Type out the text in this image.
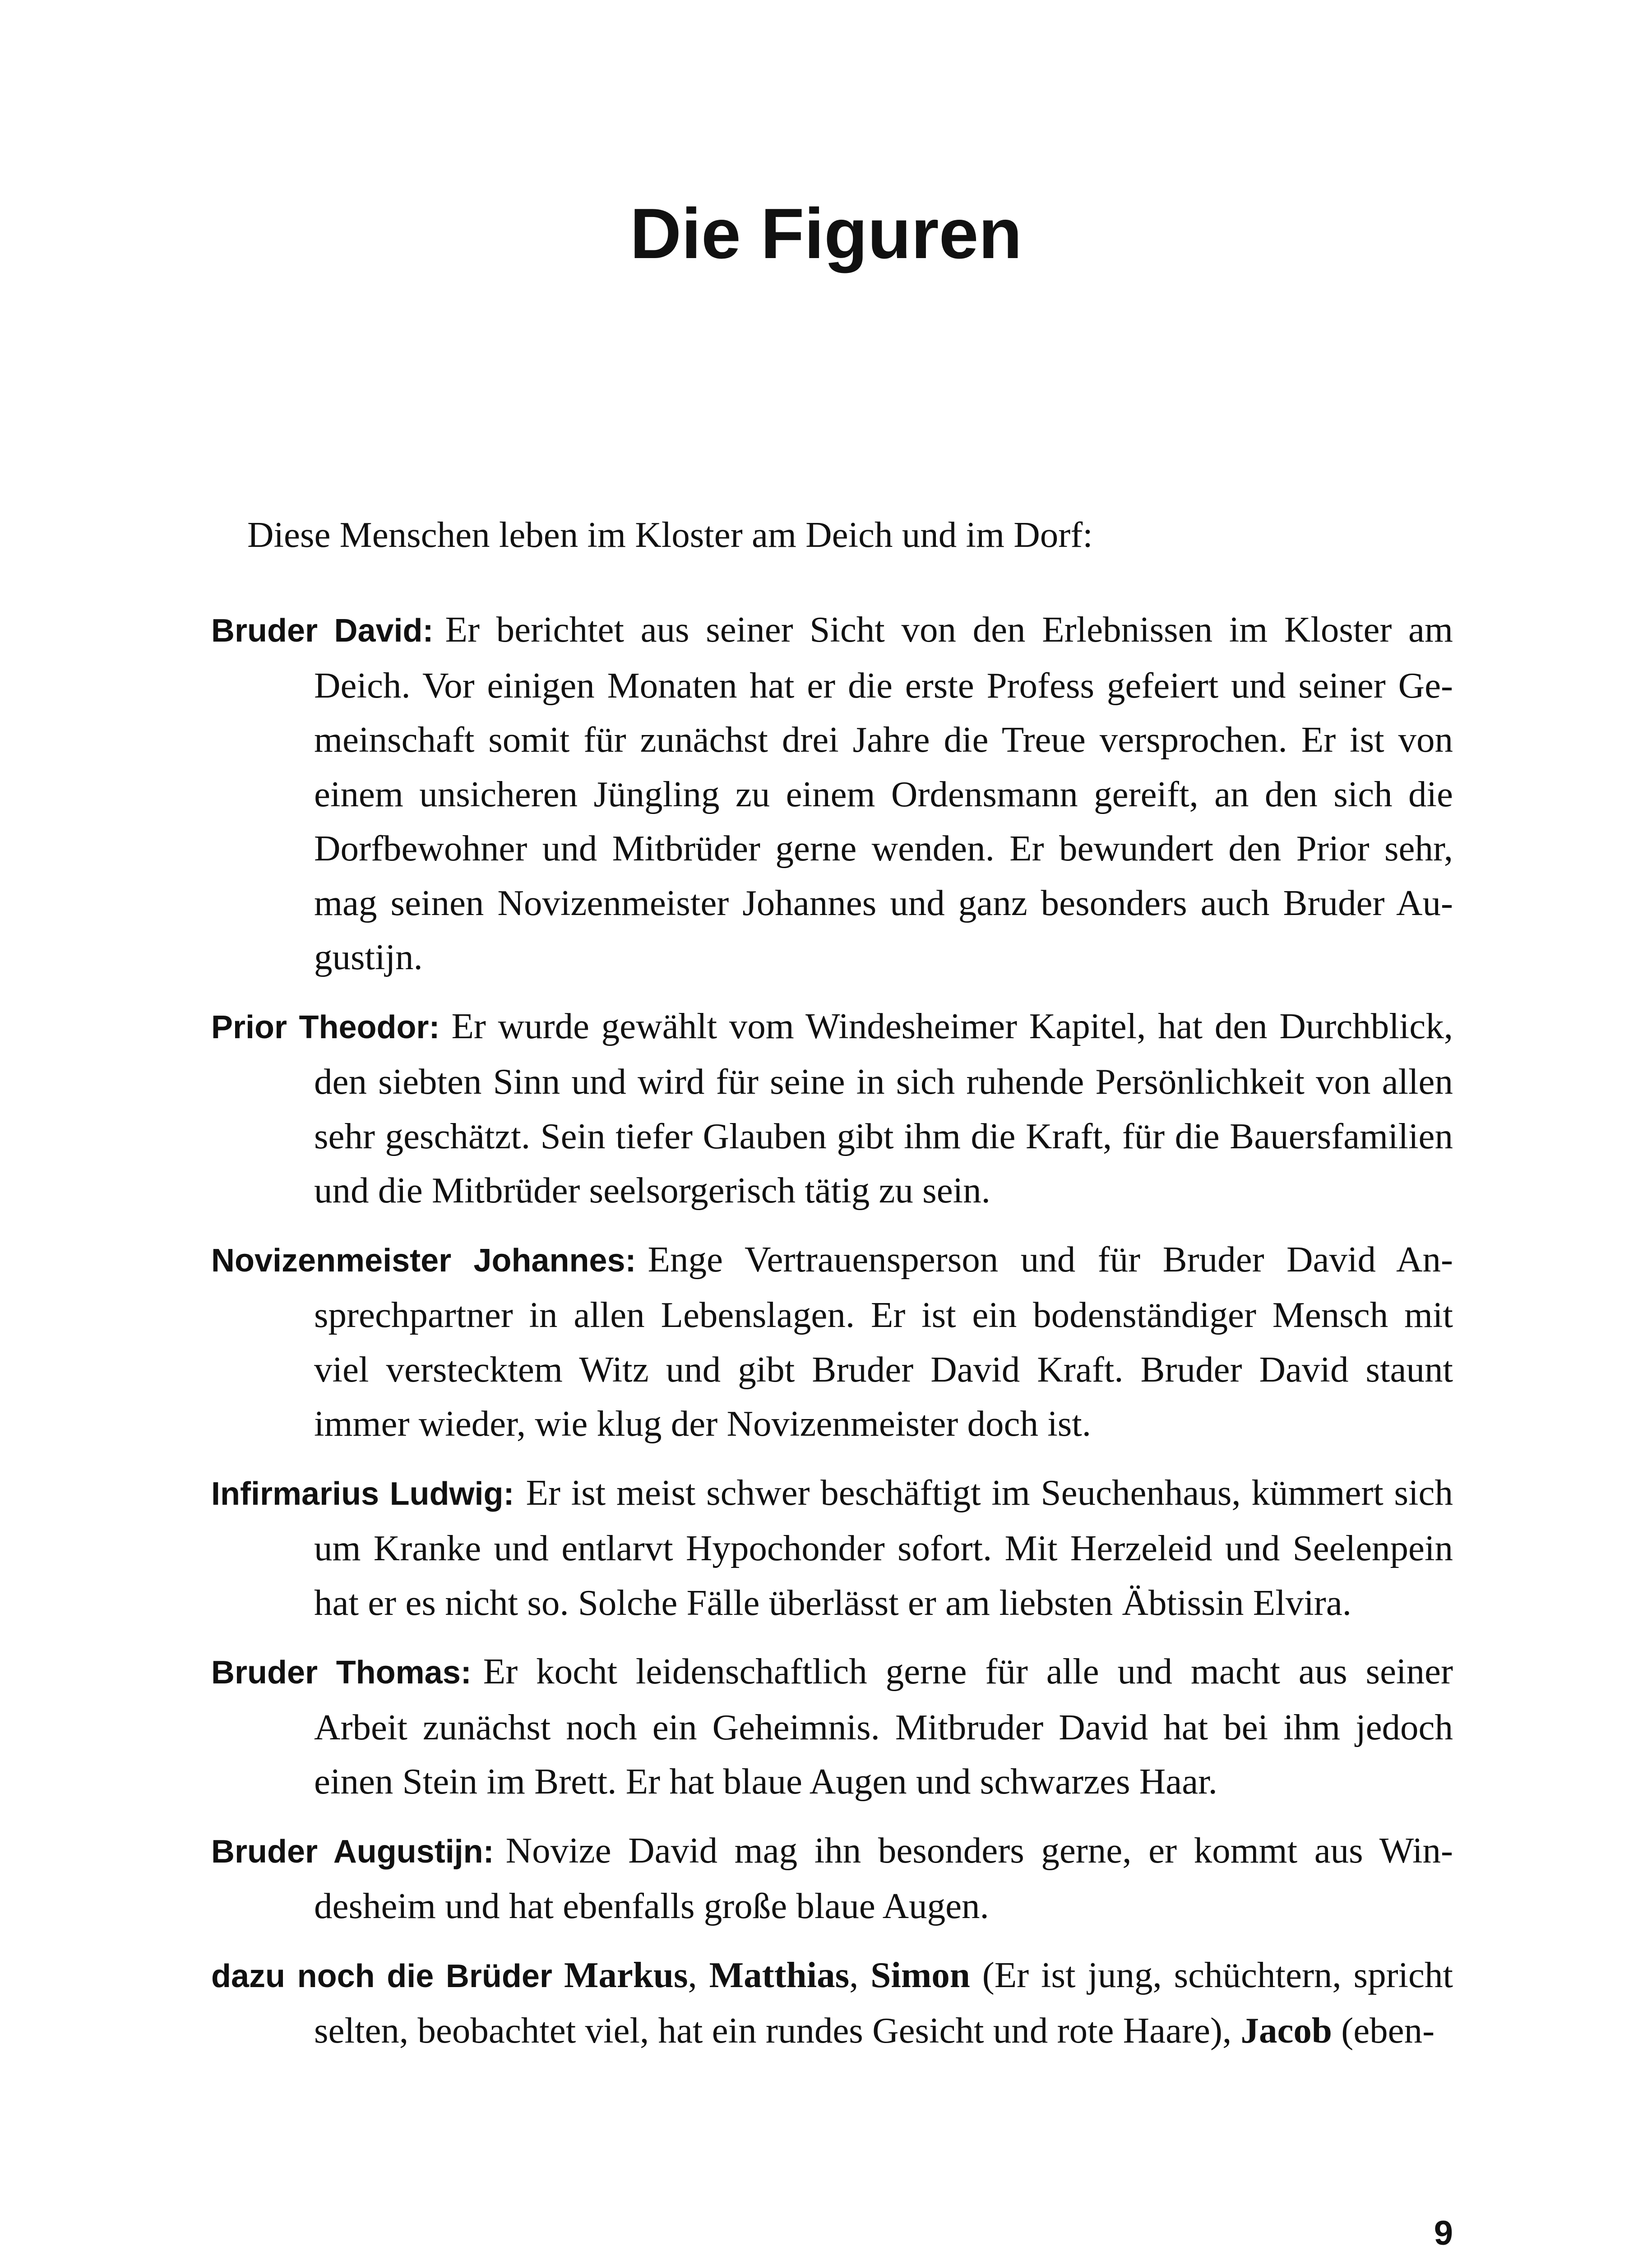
Die Figuren

Diese Menschen leben im Kloster am Deich und im Dorf:

Bruder David: Er berichtet aus seiner Sicht von den Erlebnissen im Kloster am Deich. Vor einigen Monaten hat er die erste Profess gefeiert und seiner Gemeinschaft somit für zunächst drei Jahre die Treue versprochen. Er ist von einem unsicheren Jüngling zu einem Ordensmann gereift, an den sich die Dorfbewohner und Mitbrüder gerne wenden. Er bewundert den Prior sehr, mag seinen Novizenmeister Johannes und ganz besonders auch Bruder Augustijn.

Prior Theodor: Er wurde gewählt vom Windesheimer Kapitel, hat den Durchblick, den siebten Sinn und wird für seine in sich ruhende Persönlichkeit von allen sehr geschätzt. Sein tiefer Glauben gibt ihm die Kraft, für die Bauersfamilien und die Mitbrüder seelsorgerisch tätig zu sein.

Novizenmeister Johannes: Enge Vertrauensperson und für Bruder David Ansprechpartner in allen Lebenslagen. Er ist ein bodenständiger Mensch mit viel verstecktem Witz und gibt Bruder David Kraft. Bruder David staunt immer wieder, wie klug der Novizenmeister doch ist.

Infirmarius Ludwig: Er ist meist schwer beschäftigt im Seuchenhaus, kümmert sich um Kranke und entlarvt Hypochonder sofort. Mit Herzeleid und Seelenpein hat er es nicht so. Solche Fälle überlässt er am liebsten Äbtissin Elvira.

Bruder Thomas: Er kocht leidenschaftlich gerne für alle und macht aus seiner Arbeit zunächst noch ein Geheimnis. Mitbruder David hat bei ihm jedoch einen Stein im Brett. Er hat blaue Augen und schwarzes Haar.

Bruder Augustijn: Novize David mag ihn besonders gerne, er kommt aus Windesheim und hat ebenfalls große blaue Augen.

dazu noch die Brüder Markus, Matthias, Simon (Er ist jung, schüchtern, spricht selten, beobachtet viel, hat ein rundes Gesicht und rote Haare), Jacob (eben-

9
